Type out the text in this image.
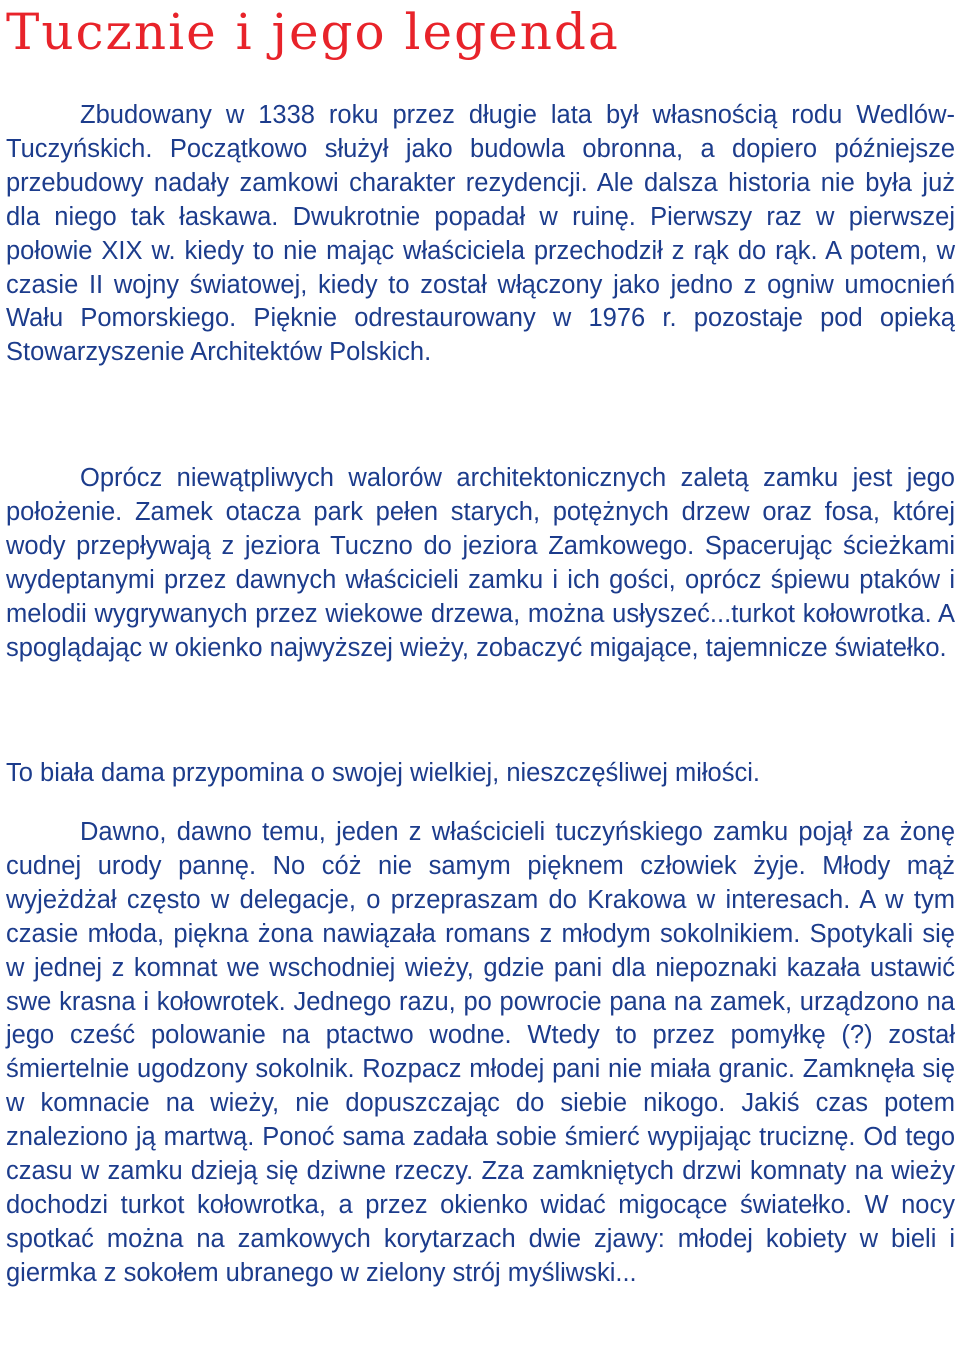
Tucznie i jego legenda

Zbudowany w 1338 roku przez długie lata był własnością rodu Wedlów-Tuczyńskich. Początkowo służył jako budowla obronna, a dopiero późniejsze przebudowy nadały zamkowi charakter rezydencji. Ale dalsza historia nie była już dla niego tak łaskawa. Dwukrotnie popadał w ruinę. Pierwszy raz w pierwszej połowie XIX w. kiedy to nie mając właściciela przechodził z rąk do rąk. A potem, w czasie II wojny światowej, kiedy to został włączony jako jedno z ogniw umocnień Wału Pomorskiego. Pięknie odrestaurowany w 1976 r. pozostaje pod opieką Stowarzyszenie Architektów Polskich.

Oprócz niewątpliwych walorów architektonicznych zaletą zamku jest jego położenie. Zamek otacza park pełen starych, potężnych drzew oraz fosa, której wody przepływają z jeziora Tuczno do jeziora Zamkowego. Spacerując ścieżkami wydeptanymi przez dawnych właścicieli zamku i ich gości, oprócz śpiewu ptaków i melodii wygrywanych przez wiekowe drzewa, można usłyszeć...turkot kołowrotka. A spoglądając w okienko najwyższej wieży, zobaczyć migające, tajemnicze światełko.

To biała dama przypomina o swojej wielkiej, nieszczęśliwej miłości.

Dawno, dawno temu, jeden z właścicieli tuczyńskiego zamku pojął za żonę cudnej urody pannę. No cóż nie samym pięknem człowiek żyje. Młody mąż wyjeżdżał często w delegacje, o przepraszam do Krakowa w interesach. A w tym czasie młoda, piękna żona nawiązała romans z młodym sokolnikiem. Spotykali się w jednej z komnat we wschodniej wieży, gdzie pani dla niepoznaki kazała ustawić swe krasna i kołowrotek. Jednego razu, po powrocie pana na zamek, urządzono na jego cześć polowanie na ptactwo wodne. Wtedy to przez pomyłkę (?) został śmiertelnie ugodzony sokolnik. Rozpacz młodej pani nie miała granic. Zamknęła się w komnacie na wieży, nie dopuszczając do siebie nikogo. Jakiś czas potem znaleziono ją martwą. Ponoć sama zadała sobie śmierć wypijając truciznę. Od tego czasu w zamku dzieją się dziwne rzeczy. Zza zamkniętych drzwi komnaty na wieży dochodzi turkot kołowrotka, a przez okienko widać migocące światełko. W nocy spotkać można na zamkowych korytarzach dwie zjawy: młodej kobiety w bieli i giermka z sokołem ubranego w zielony strój myśliwski...
